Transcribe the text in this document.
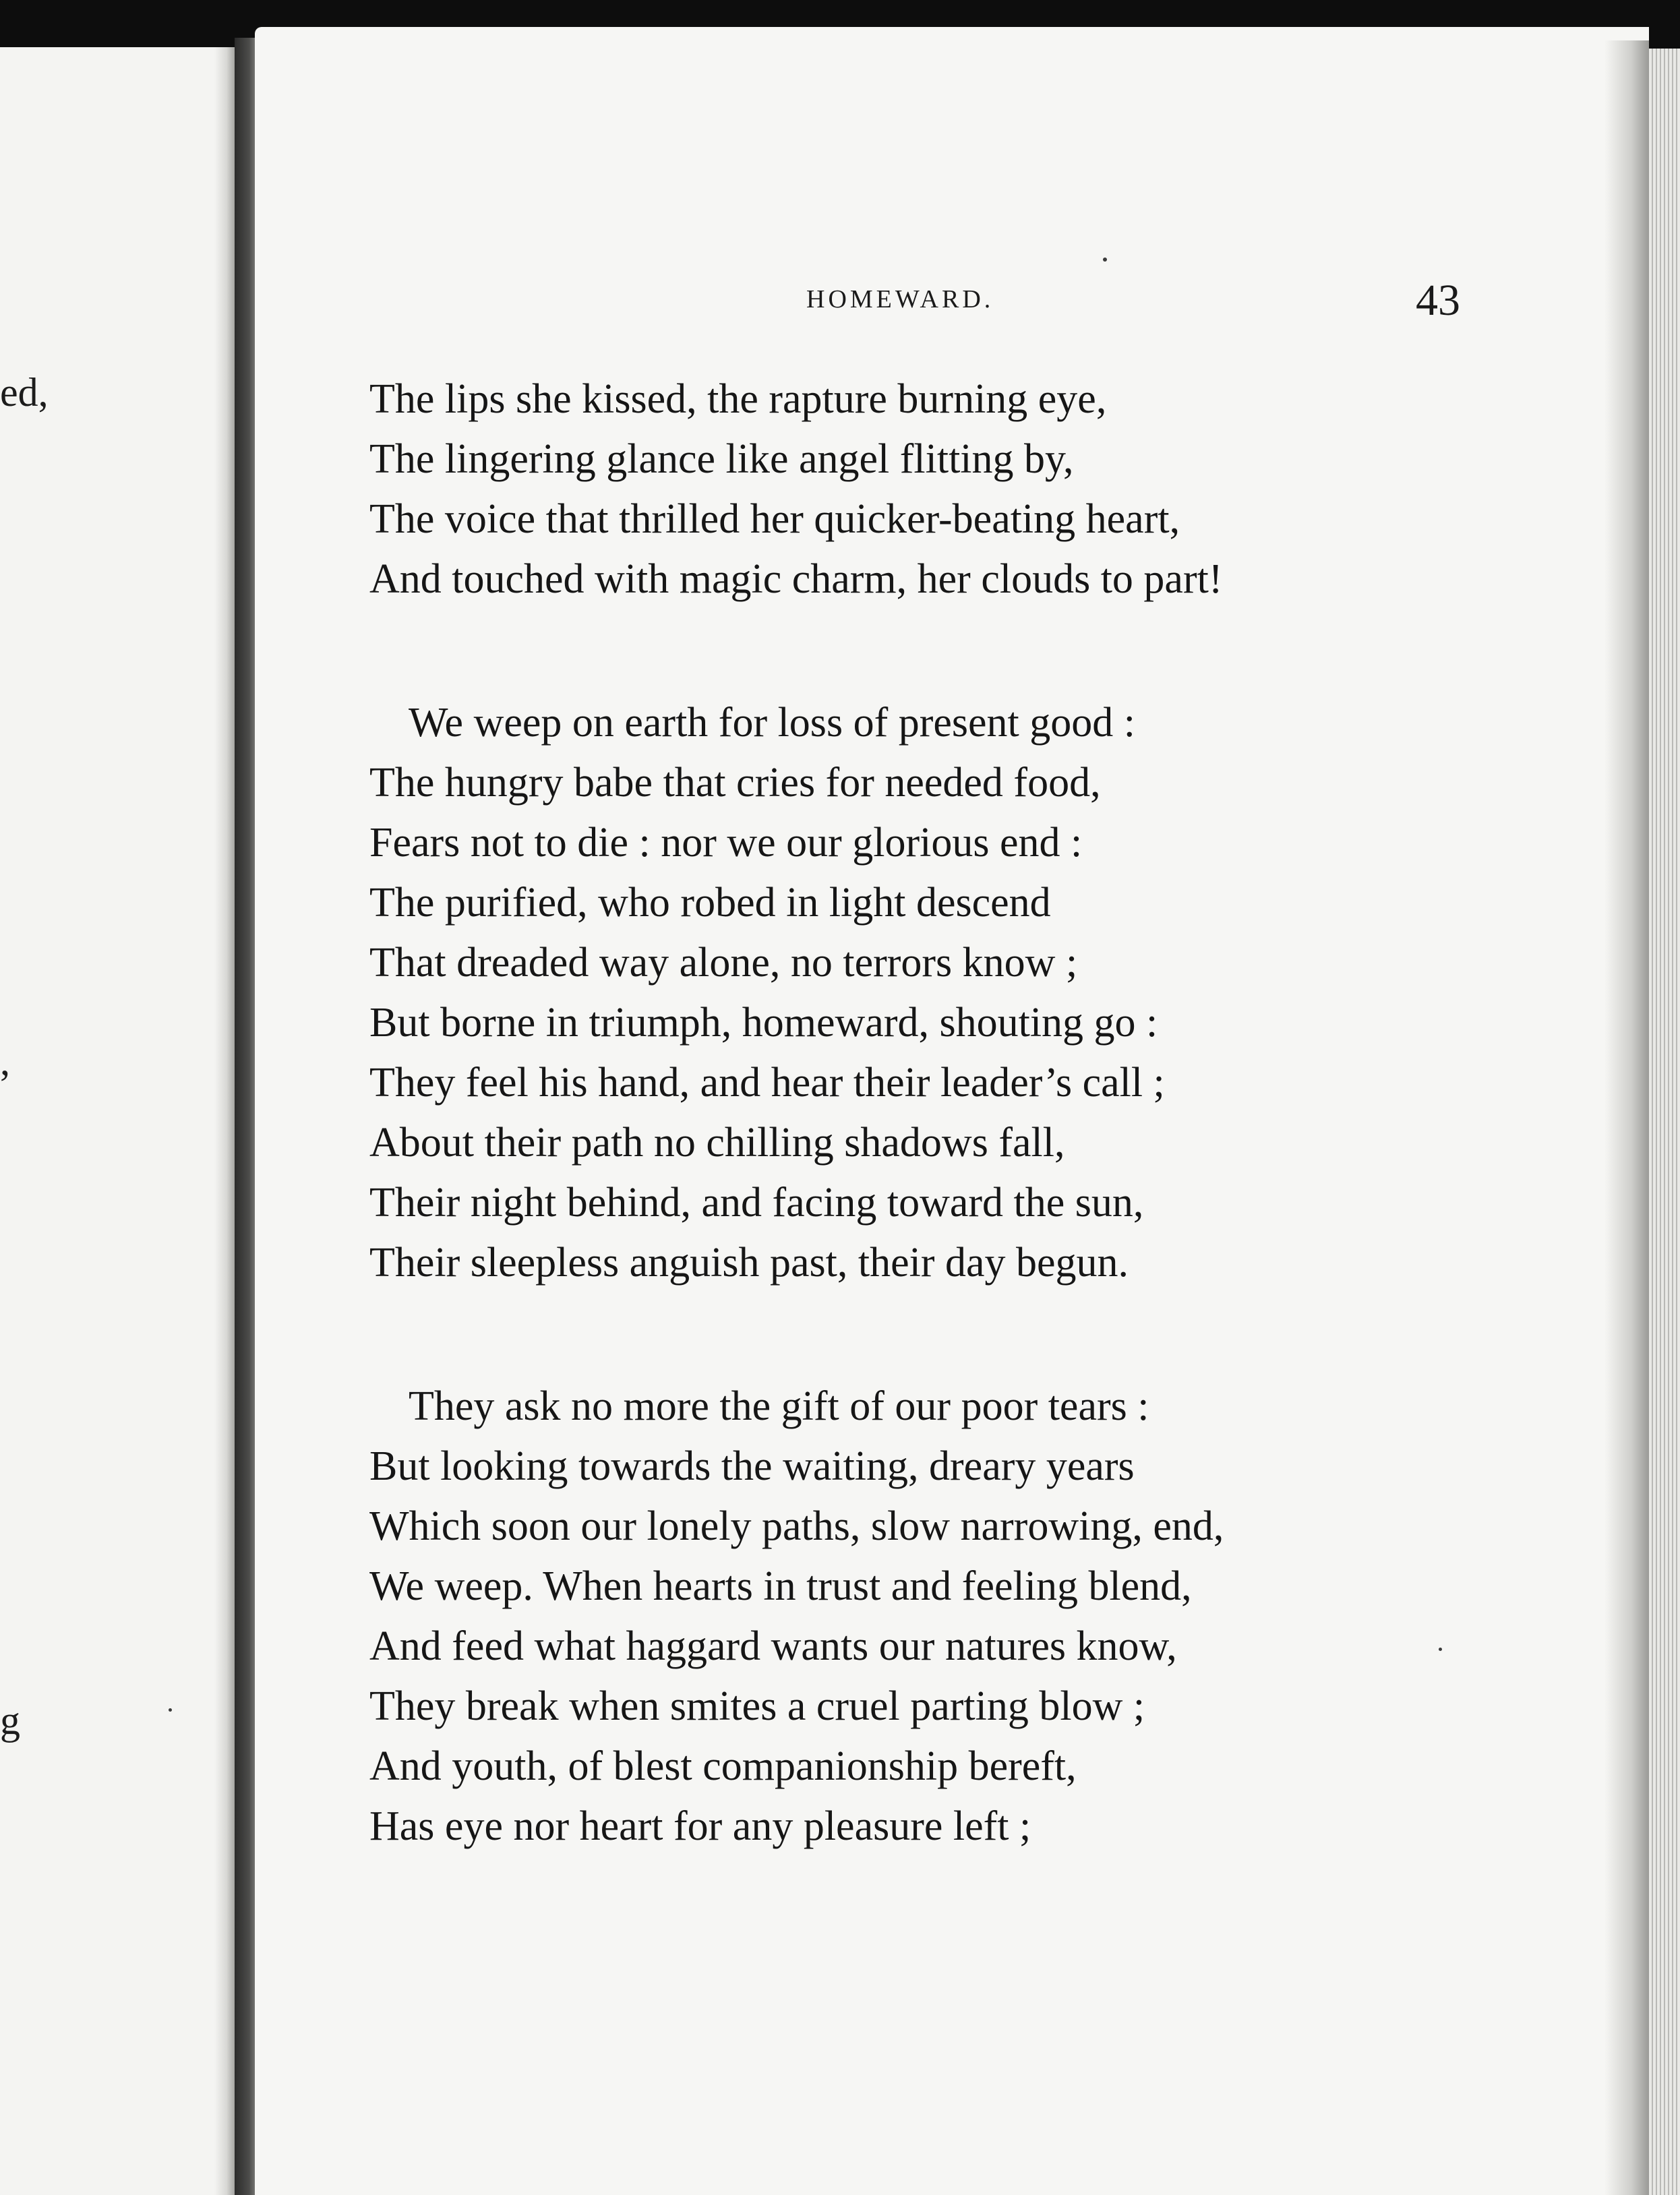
ed,
,
g
HOMEWARD.	43
The lips she kissed, the rapture burning eye,
The lingering glance like angel flitting by,
The voice that thrilled her quicker-beating heart,
And touched with magic charm, her clouds to part!
We weep on earth for loss of present good :
The hungry babe that cries for needed food,
Fears not to die : nor we our glorious end :
The purified, who robed in light descend
That dreaded way alone, no terrors know ;
But borne in triumph, homeward, shouting go :
They feel his hand, and hear their leader’s call ;
About their path no chilling shadows fall,
Their night behind, and facing toward the sun,
Their sleepless anguish past, their day begun.
They ask no more the gift of our poor tears :
But looking towards the waiting, dreary years
Which soon our lonely paths, slow narrowing, end,
We weep. When hearts in trust and feeling blend,
And feed what haggard wants our natures know,
They break when smites a cruel parting blow ;
And youth, of blest companionship bereft,
Has eye nor heart for any pleasure left ;
